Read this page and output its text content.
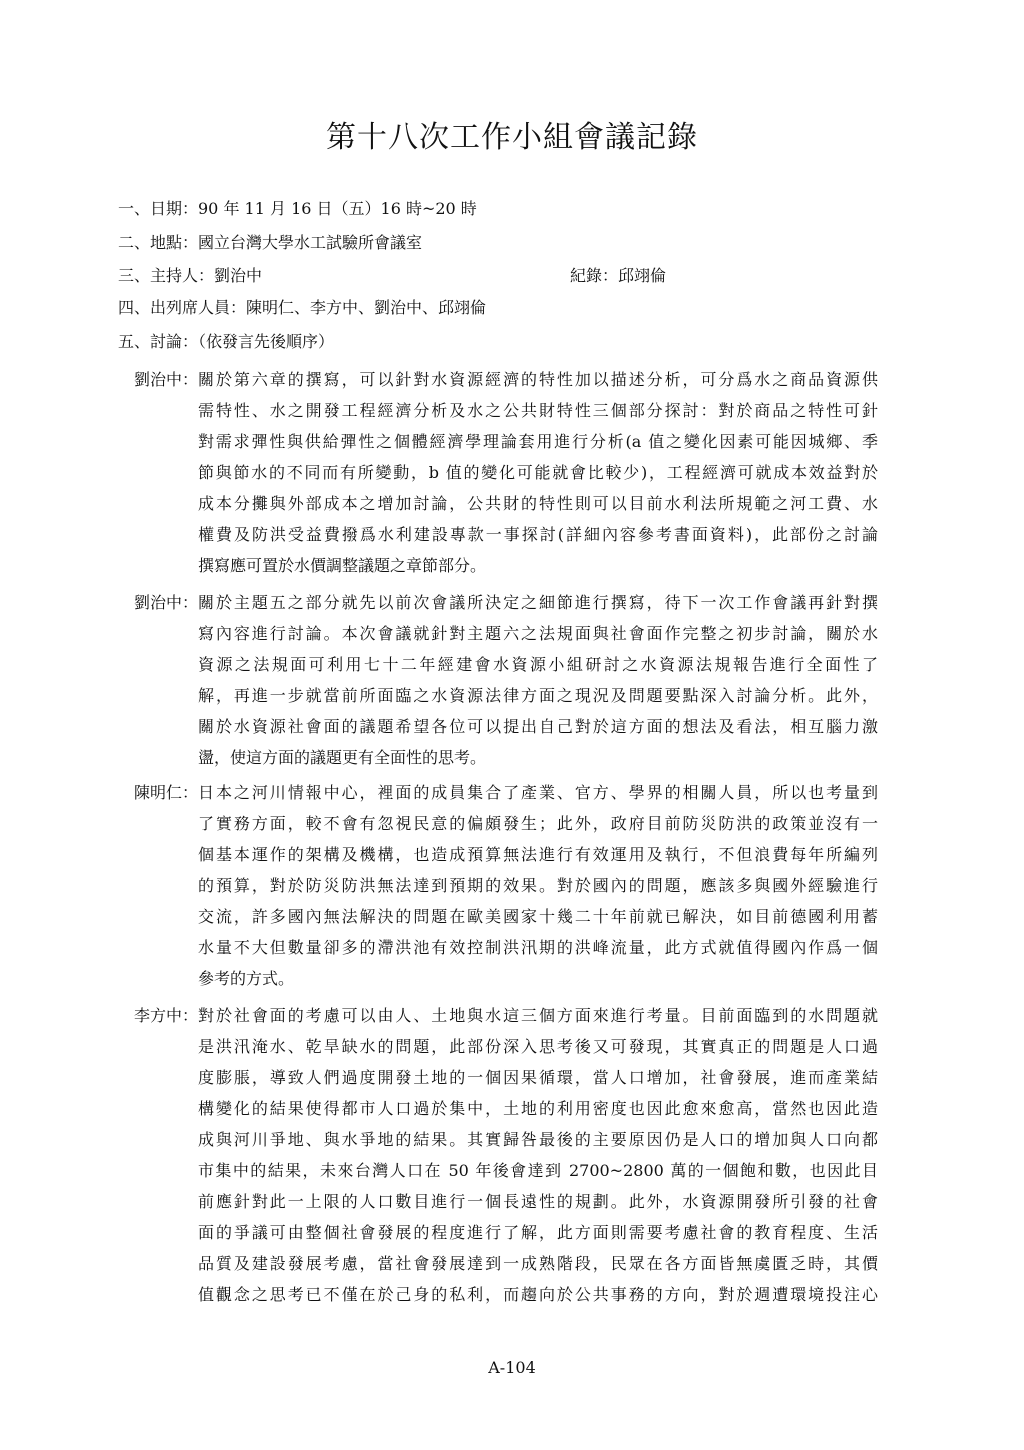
第十八次工作小組會議記錄
一、日期：90 年 11 月 16 日（五）16 時~20 時
二、地點：國立台灣大學水工試驗所會議室
三、主持人：劉治中	紀錄：邱翊倫
四、出列席人員：陳明仁、李方中、劉治中、邱翊倫
五、討論：（依發言先後順序）
劉治中： 關於第六章的撰寫，可以針對水資源經濟的特性加以描述分析，可分爲水之商品資源供
需特性、水之開發工程經濟分析及水之公共財特性三個部分探討：對於商品之特性可針
對需求彈性與供給彈性之個體經濟學理論套用進行分析(a 值之變化因素可能因城鄉、季
節與節水的不同而有所變動，b 值的變化可能就會比較少)，工程經濟可就成本效益對於
成本分攤與外部成本之增加討論，公共財的特性則可以目前水利法所規範之河工費、水
權費及防洪受益費撥爲水利建設專款一事探討(詳細內容參考書面資料)，此部份之討論
撰寫應可置於水價調整議題之章節部分。
劉治中： 關於主題五之部分就先以前次會議所決定之細節進行撰寫，待下一次工作會議再針對撰
寫內容進行討論。本次會議就針對主題六之法規面與社會面作完整之初步討論，關於水
資源之法規面可利用七十二年經建會水資源小組研討之水資源法規報告進行全面性了
解，再進一步就當前所面臨之水資源法律方面之現況及問題要點深入討論分析。此外，
關於水資源社會面的議題希望各位可以提出自己對於這方面的想法及看法，相互腦力激
盪，使這方面的議題更有全面性的思考。
陳明仁： 日本之河川情報中心，裡面的成員集合了產業、官方、學界的相關人員，所以也考量到
了實務方面，較不會有忽視民意的偏頗發生；此外，政府目前防災防洪的政策並沒有一
個基本運作的架構及機構，也造成預算無法進行有效運用及執行，不但浪費每年所編列
的預算，對於防災防洪無法達到預期的效果。對於國內的問題，應該多與國外經驗進行
交流，許多國內無法解決的問題在歐美國家十幾二十年前就已解決，如目前德國利用蓄
水量不大但數量卻多的滯洪池有效控制洪汛期的洪峰流量，此方式就值得國內作爲一個
參考的方式。
李方中： 對於社會面的考慮可以由人、土地與水這三個方面來進行考量。目前面臨到的水問題就
是洪汛淹水、乾旱缺水的問題，此部份深入思考後又可發現，其實真正的問題是人口過
度膨脹，導致人們過度開發土地的一個因果循環，當人口增加，社會發展，進而產業結
構變化的結果使得都市人口過於集中，土地的利用密度也因此愈來愈高，當然也因此造
成與河川爭地、與水爭地的結果。其實歸咎最後的主要原因仍是人口的增加與人口向都
市集中的結果，未來台灣人口在 50 年後會達到 2700~2800 萬的一個飽和數，也因此目
前應針對此一上限的人口數目進行一個長遠性的規劃。此外，水資源開發所引發的社會
面的爭議可由整個社會發展的程度進行了解，此方面則需要考慮社會的教育程度、生活
品質及建設發展考慮，當社會發展達到一成熟階段，民眾在各方面皆無虞匱乏時，其價
值觀念之思考已不僅在於己身的私利，而趨向於公共事務的方向，對於週遭環境投注心
A-104
